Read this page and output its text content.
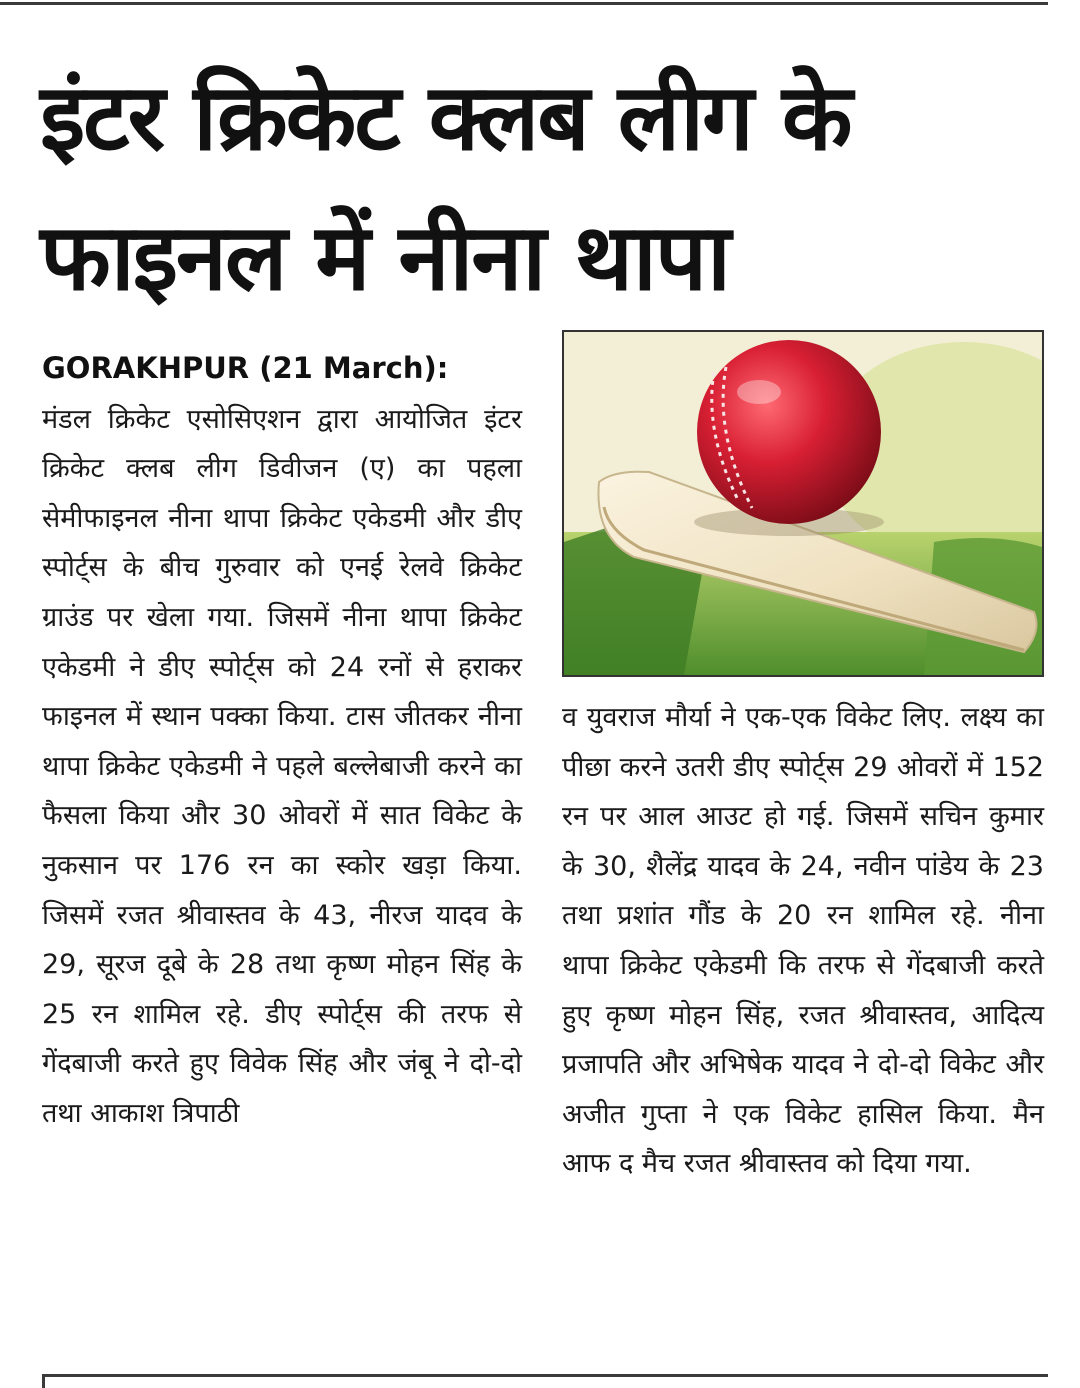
इंटर क्रिकेट क्लब लीग के
फाइनल में नीना थापा

GORAKHPUR (21 March):
मंडल क्रिकेट एसोसिएशन द्वारा आयोजित इंटर क्रिकेट क्लब लीग डिवीजन (ए) का पहला सेमीफाइनल नीना थापा क्रिकेट एकेडमी और डीए स्पोर्ट्स के बीच गुरुवार को एनई रेलवे क्रिकेट ग्राउंड पर खेला गया. जिसमें नीना थापा क्रिकेट एकेडमी ने डीए स्पोर्ट्स को 24 रनों से हराकर फाइनल में स्थान पक्का किया. टास जीतकर नीना थापा क्रिकेट एकेडमी ने पहले बल्लेबाजी करने का फैसला किया और 30 ओवरों में सात विकेट के नुकसान पर 176 रन का स्कोर खड़ा किया. जिसमें रजत श्रीवास्तव के 43, नीरज यादव के 29, सूरज दूबे के 28 तथा कृष्ण मोहन सिंह के 25 रन शामिल रहे. डीए स्पोर्ट्स की तरफ से गेंदबाजी करते हुए विवेक सिंह और जंबू ने दो-दो तथा आकाश त्रिपाठी

व युवराज मौर्या ने एक-एक विकेट लिए. लक्ष्य का पीछा करने उतरी डीए स्पोर्ट्स 29 ओवरों में 152 रन पर आल आउट हो गई. जिसमें सचिन कुमार के 30, शैलेंद्र यादव के 24, नवीन पांडेय के 23 तथा प्रशांत गौंड के 20 रन शामिल रहे. नीना थापा क्रिकेट एकेडमी कि तरफ से गेंदबाजी करते हुए कृष्ण मोहन सिंह, रजत श्रीवास्तव, आदित्य प्रजापति और अभिषेक यादव ने दो-दो विकेट और अजीत गुप्ता ने एक विकेट हासिल किया. मैन आफ द मैच रजत श्रीवास्तव को दिया गया.
